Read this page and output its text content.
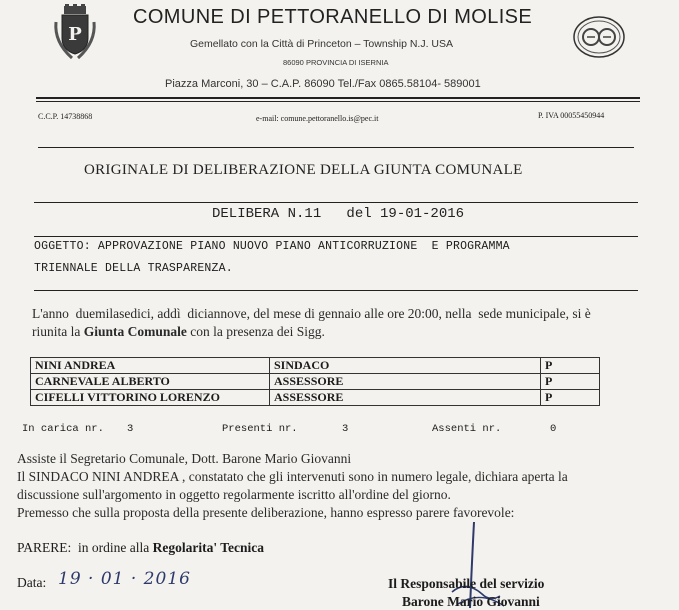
P
COMUNE DI PETTORANELLO DI MOLISE
Gemellato con la Città di Princeton – Township N.J. USA
86090 PROVINCIA DI ISERNIA
Piazza Marconi, 30 – C.A.P. 86090 Tel./Fax 0865.58104- 589001
C.C.P. 14738868	e-mail: comune.pettoranello.is@pec.it	P. IVA 00055450944
ORIGINALE DI DELIBERAZIONE DELLA GIUNTA COMUNALE
DELIBERA N.11   del 19-01-2016
OGGETTO: APPROVAZIONE PIANO NUOVO PIANO ANTICORRUZIONE  E PROGRAMMA
TRIENNALE DELLA TRASPARENZA.
L'anno  duemilasedici, addì  diciannove, del mese di gennaio alle ore 20:00, nella  sede municipale, si è
riunita la Giunta Comunale con la presenza dei Sigg.
NINI ANDREA	SINDACO	P
CARNEVALE ALBERTO	ASSESSORE	P
CIFELLI VITTORINO LORENZO	ASSESSORE	P
In carica nr. 3	Presenti nr.	3	Assenti nr.	0
Assiste il Segretario Comunale, Dott. Barone Mario Giovanni
Il SINDACO NINI ANDREA , constatato che gli intervenuti sono in numero legale, dichiara aperta la
discussione sull'argomento in oggetto regolarmente iscritto all'ordine del giorno.
Premesso che sulla proposta della presente deliberazione, hanno espresso parere favorevole:
PARERE:  in ordine alla Regolarita' Tecnica
Data: 19 · 01 · 2016	Il Responsabile del servizio
Barone Mario Giovanni
